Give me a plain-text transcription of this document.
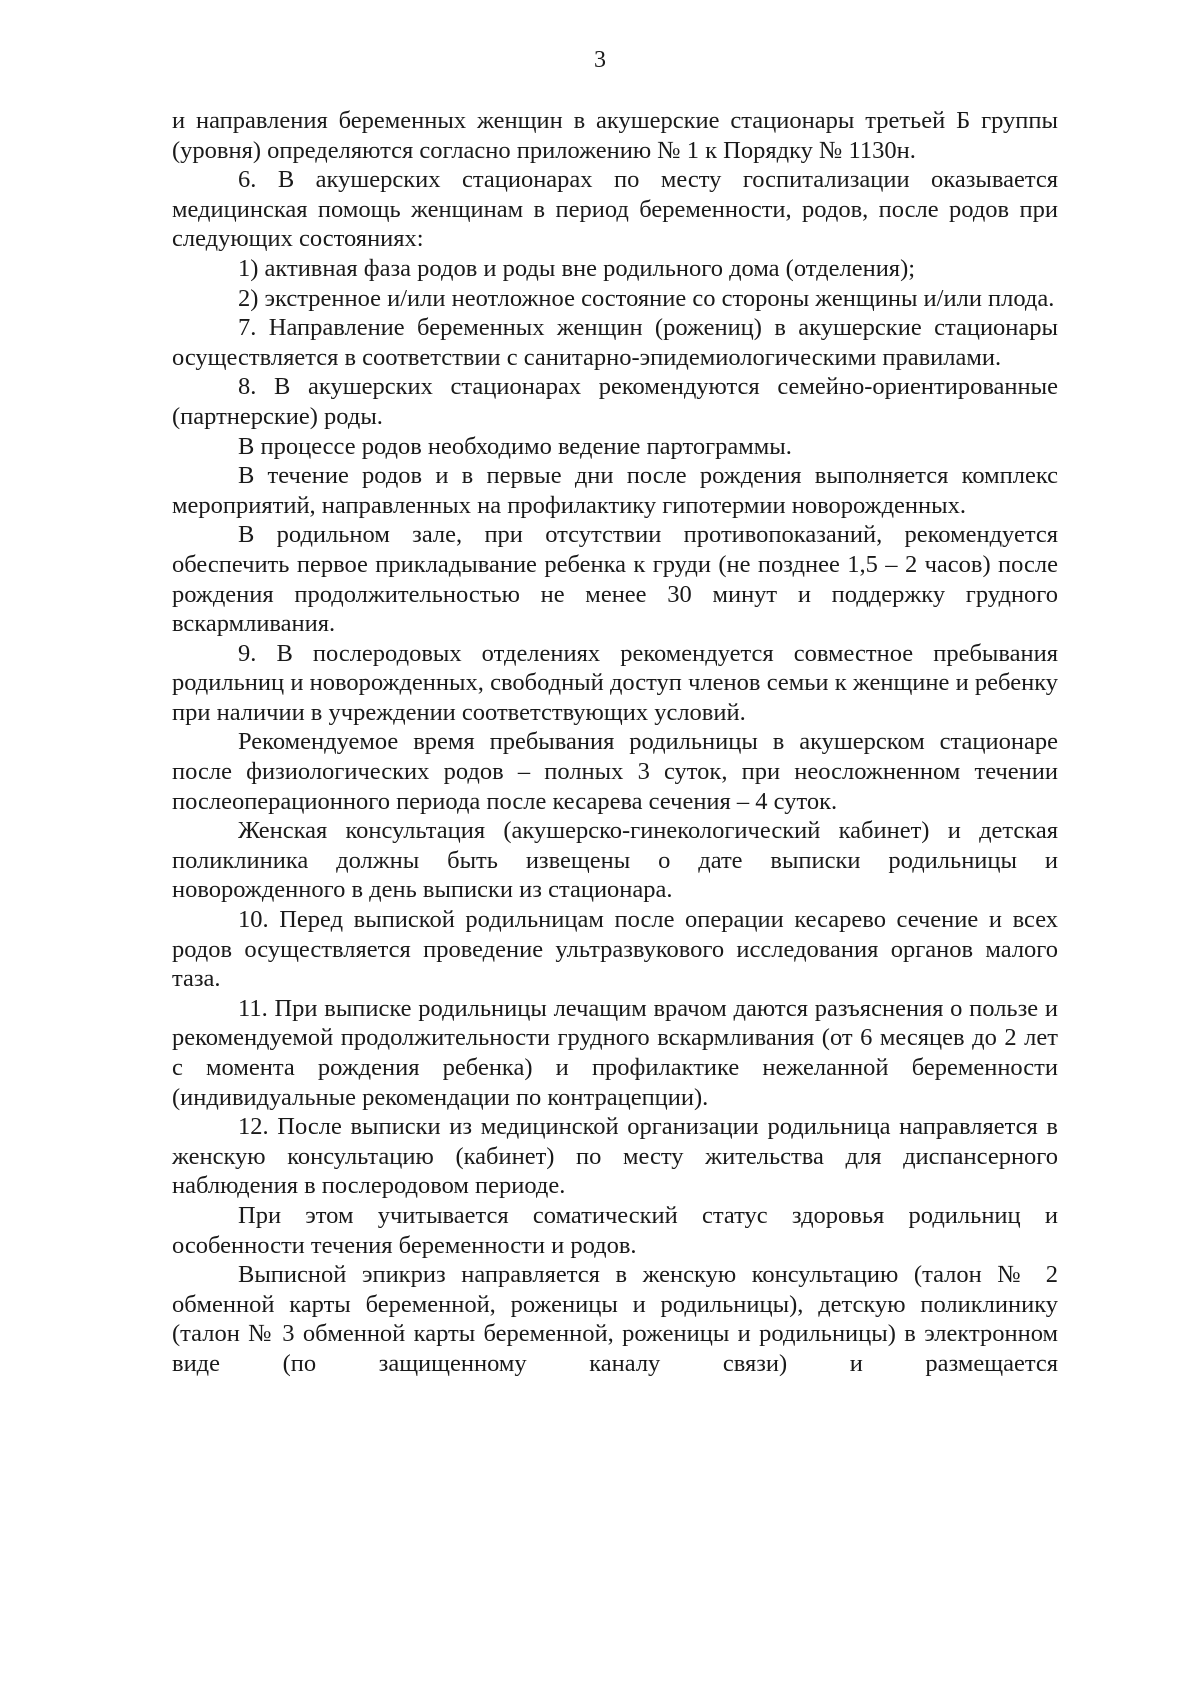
3

и направления беременных женщин в акушерские стационары третьей Б группы (уровня) определяются согласно приложению № 1 к Порядку № 1130н.

6. В акушерских стационарах по месту госпитализации оказывается медицинская помощь женщинам в период беременности, родов, после родов при следующих состояниях:

1) активная фаза родов и роды вне родильного дома (отделения);

2) экстренное и/или неотложное состояние со стороны женщины и/или плода.

7. Направление беременных женщин (рожениц) в акушерские стационары осуществляется в соответствии с санитарно-эпидемиологическими правилами.

8. В акушерских стационарах рекомендуются семейно-ориентированные (партнерские) роды.

В процессе родов необходимо ведение партограммы.

В течение родов и в первые дни после рождения выполняется комплекс мероприятий, направленных на профилактику гипотермии новорожденных.

В родильном зале, при отсутствии противопоказаний, рекомендуется обеспечить первое прикладывание ребенка к груди (не позднее 1,5 – 2 часов) после рождения продолжительностью не менее 30 минут и поддержку грудного вскармливания.

9. В послеродовых отделениях рекомендуется совместное пребывания родильниц и новорожденных, свободный доступ членов семьи к женщине и ребенку при наличии в учреждении соответствующих условий.

Рекомендуемое время пребывания родильницы в акушерском стационаре после физиологических родов – полных 3 суток, при неосложненном течении послеоперационного периода после кесарева сечения – 4 суток.

Женская консультация (акушерско-гинекологический кабинет) и детская поликлиника должны быть извещены о дате выписки родильницы и новорожденного в день выписки из стационара.

10. Перед выпиской родильницам после операции кесарево сечение и всех родов осуществляется проведение ультразвукового исследования органов малого таза.

11. При выписке родильницы лечащим врачом даются разъяснения о пользе и рекомендуемой продолжительности грудного вскармливания (от 6 месяцев до 2 лет с момента рождения ребенка) и профилактике нежеланной беременности (индивидуальные рекомендации по контрацепции).

12. После выписки из медицинской организации родильница направляется в женскую консультацию (кабинет) по месту жительства для диспансерного наблюдения в послеродовом периоде.

При этом учитывается соматический статус здоровья родильниц и особенности течения беременности и родов.

Выписной эпикриз направляется в женскую консультацию (талон № 2 обменной карты беременной, роженицы и родильницы), детскую поликлинику (талон № 3 обменной карты беременной, роженицы и родильницы) в электронном виде (по защищенному каналу связи) и размещается
